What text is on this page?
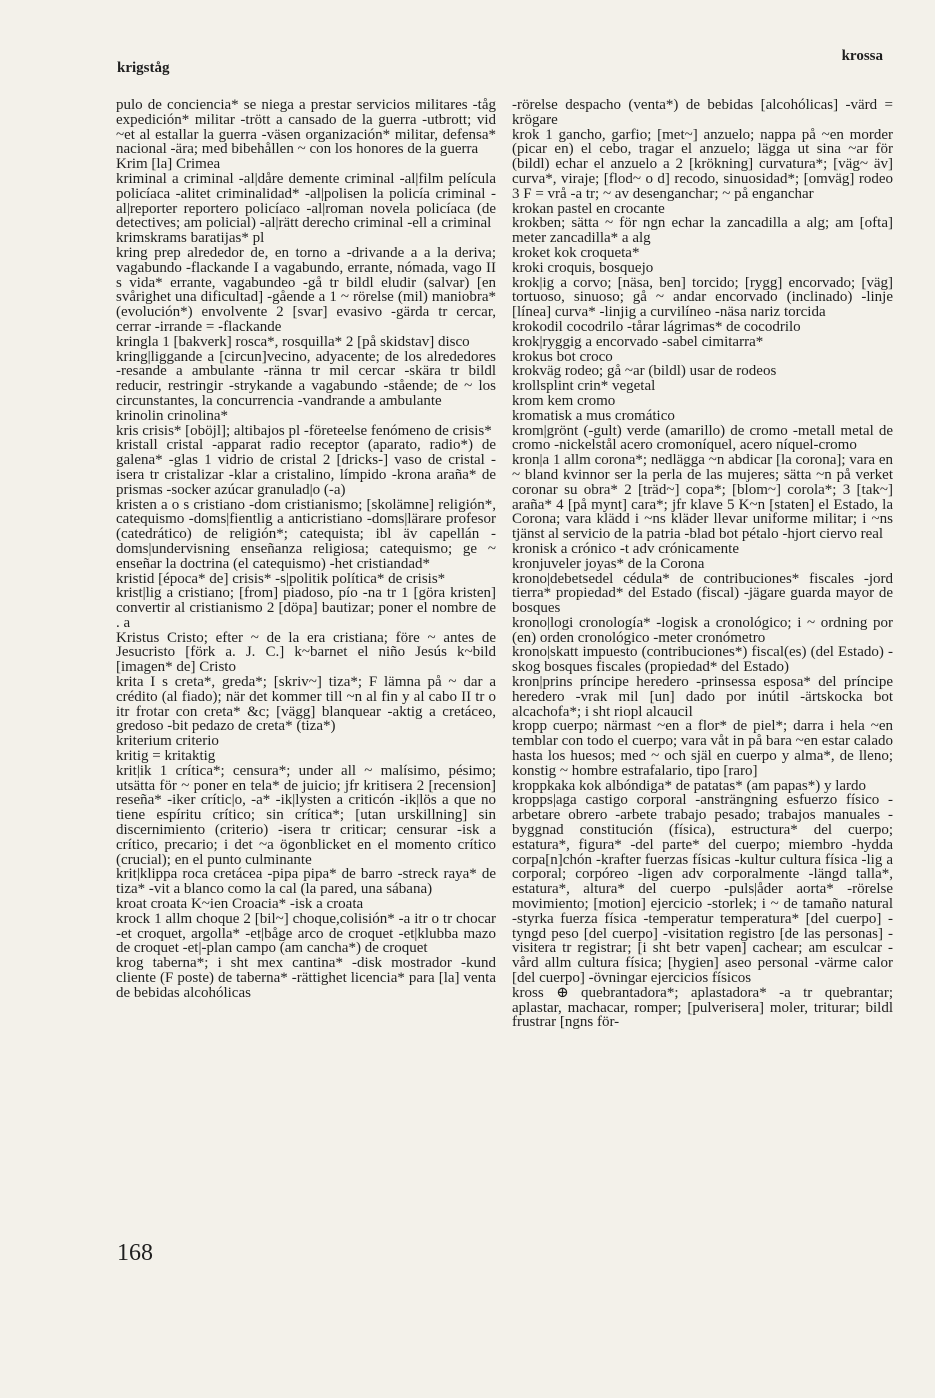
krigståg
krossa

pulo de conciencia* se niega a prestar servicios militares -tåg expedición* militar -trött a cansado de la guerra -utbrott; vid ~et al estallar la guerra -väsen organización* militar, defensa* nacional -ära; med bibehållen ~ con los honores de la guerra

Krim [la] Crimea

kriminal a criminal -al|dåre demente criminal -al|film película policíaca -alitet criminalidad* -al|polisen la policía criminal -al|reporter reportero policíaco -al|roman novela policíaca (de detectives; am policial) -al|rätt derecho criminal -ell a criminal

krimskrams baratijas* pl

kring prep alrededor de, en torno a -drivande a a la deriva; vagabundo -flackande I a vagabundo, errante, nómada, vago II s vida* errante, vagabundeo -gå tr bildl eludir (salvar) [en svårighet una dificultad] -gående a 1 ~ rörelse (mil) maniobra* (evolución*) envolvente 2 [svar] evasivo -gärda tr cercar, cerrar -irrande = -flackande

kringla 1 [bakverk] rosca*, rosquilla* 2 [på skidstav] disco

kring|liggande a [circun]vecino, adyacente; de los alrededores -resande a ambulante -ränna tr mil cercar -skära tr bildl reducir, restringir -strykande a vagabundo -stående; de ~ los circunstantes, la concurrencia -vandrande a ambulante

krinolin crinolina*

kris crisis* [oböjl]; altibajos pl -företeelse fenómeno de crisis*

kristall cristal -apparat radio receptor (aparato, radio*) de galena* -glas 1 vidrio de cristal 2 [dricks-] vaso de cristal -isera tr cristalizar -klar a cristalino, límpido -krona araña* de prismas -socker azúcar granulad|o (-a)

kristen a o s cristiano -dom cristianismo; [skolämne] religión*, catequismo -doms|fientlig a anticristiano -doms|lärare profesor (catedrático) de religión*; catequista; ibl äv capellán -doms|undervisning enseñanza religiosa; catequismo; ge ~ enseñar la doctrina (el catequismo) -het cristiandad*

kristid [época* de] crisis* -s|politik política* de crisis*

krist|lig a cristiano; [from] piadoso, pío -na tr 1 [göra kristen] convertir al cristianismo 2 [döpa] bautizar; poner el nombre de . a

Kristus Cristo; efter ~ de la era cristiana; före ~ antes de Jesucristo [förk a. J. C.] k~barnet el niño Jesús k~bild [imagen* de] Cristo

krita I s creta*, greda*; [skriv~] tiza*; F lämna på ~ dar a crédito (al fiado); när det kommer till ~n al fin y al cabo II tr o itr frotar con creta* &c; [vägg] blanquear -aktig a cretáceo, gredoso -bit pedazo de creta* (tiza*)

kriterium criterio

kritig = kritaktig

krit|ik 1 crítica*; censura*; under all ~ malísimo, pésimo; utsätta för ~ poner en tela* de juicio; jfr kritisera 2 [recension] reseña* -iker crític|o, -a* -ik|lysten a criticón -ik|lös a que no tiene espíritu crítico; sin crítica*; [utan urskillning] sin discernimiento (criterio) -isera tr criticar; censurar -isk a crítico, precario; i det ~a ögonblicket en el momento crítico (crucial); en el punto culminante

krit|klippa roca cretácea -pipa pipa* de barro -streck raya* de tiza* -vit a blanco como la cal (la pared, una sábana)

kroat croata K~ien Croacia* -isk a croata

krock 1 allm choque 2 [bil~] choque,colisión* -a itr o tr chocar -et croquet, argolla* -et|båge arco de croquet -et|klubba mazo de croquet -et|-plan campo (am cancha*) de croquet

krog taberna*; i sht mex cantina* -disk mostrador -kund cliente (F poste) de taberna* -rättighet licencia* para [la] venta de bebidas alcohólicas

-rörelse despacho (venta*) de bebidas [alcohólicas] -värd = krögare

krok 1 gancho, garfio; [met~] anzuelo; nappa på ~en morder (picar en) el cebo, tragar el anzuelo; lägga ut sina ~ar för (bildl) echar el anzuelo a 2 [krökning] curvatura*; [väg~ äv] curva*, viraje; [flod~ o d] recodo, sinuosidad*; [omväg] rodeo 3 F = vrå -a tr; ~ av desenganchar; ~ på enganchar

krokan pastel en crocante

krokben; sätta ~ för ngn echar la zancadilla a alg; am [ofta] meter zancadilla* a alg

kroket kok croqueta*

kroki croquis, bosquejo

krok|ig a corvo; [näsa, ben] torcido; [rygg] encorvado; [väg] tortuoso, sinuoso; gå ~ andar encorvado (inclinado) -linje [línea] curva* -linjig a curvilíneo -näsa nariz torcida

krokodil cocodrilo -tårar lágrimas* de cocodrilo

krok|ryggig a encorvado -sabel cimitarra*

krokus bot croco

krokväg rodeo; gå ~ar (bildl) usar de rodeos

krollsplint crin* vegetal

krom kem cromo

kromatisk a mus cromático

krom|grönt (-gult) verde (amarillo) de cromo -metall metal de cromo -nickelstål acero cromoníquel, acero níquel-cromo

kron|a 1 allm corona*; nedlägga ~n abdicar [la corona]; vara en ~ bland kvinnor ser la perla de las mujeres; sätta ~n på verket coronar su obra* 2 [träd~] copa*; [blom~] corola*; 3 [tak~] araña* 4 [på mynt] cara*; jfr klave 5 K~n [staten] el Estado, la Corona; vara klädd i ~ns kläder llevar uniforme militar; i ~ns tjänst al servicio de la patria -blad bot pétalo -hjort ciervo real

kronisk a crónico -t adv crónicamente

kronjuveler joyas* de la Corona

krono|debetsedel cédula* de contribuciones* fiscales -jord tierra* propiedad* del Estado (fiscal) -jägare guarda mayor de bosques

krono|logi cronología* -logisk a cronológico; i ~ ordning por (en) orden cronológico -meter cronómetro

krono|skatt impuesto (contribuciones*) fiscal(es) (del Estado) -skog bosques fiscales (propiedad* del Estado)

kron|prins príncipe heredero -prinsessa esposa* del príncipe heredero -vrak mil [un] dado por inútil -ärtskocka bot alcachofa*; i sht riopl alcaucil

kropp cuerpo; närmast ~en a flor* de piel*; darra i hela ~en temblar con todo el cuerpo; vara våt in på bara ~en estar calado hasta los huesos; med ~ och själ en cuerpo y alma*, de lleno; konstig ~ hombre estrafalario, tipo [raro]

kroppkaka kok albóndiga* de patatas* (am papas*) y lardo

kropps|aga castigo corporal -ansträngning esfuerzo físico -arbetare obrero -arbete trabajo pesado; trabajos manuales -byggnad constitución (física), estructura* del cuerpo; estatura*, figura* -del parte* del cuerpo; miembro -hydda corpa[n]chón -krafter fuerzas físicas -kultur cultura física -lig a corporal; corpóreo -ligen adv corporalmente -längd talla*, estatura*, altura* del cuerpo -puls|åder aorta* -rörelse movimiento; [motion] ejercicio -storlek; i ~ de tamaño natural -styrka fuerza física -temperatur temperatura* [del cuerpo] -tyngd peso [del cuerpo] -visitation registro [de las personas] -visitera tr registrar; [i sht betr vapen] cachear; am esculcar -vård allm cultura física; [hygien] aseo personal -värme calor [del cuerpo] -övningar ejercicios físicos

kross ⊕ quebrantadora*; aplastadora* -a tr quebrantar; aplastar, machacar, romper; [pulverisera] moler, triturar; bildl frustrar [ngns för-

168
